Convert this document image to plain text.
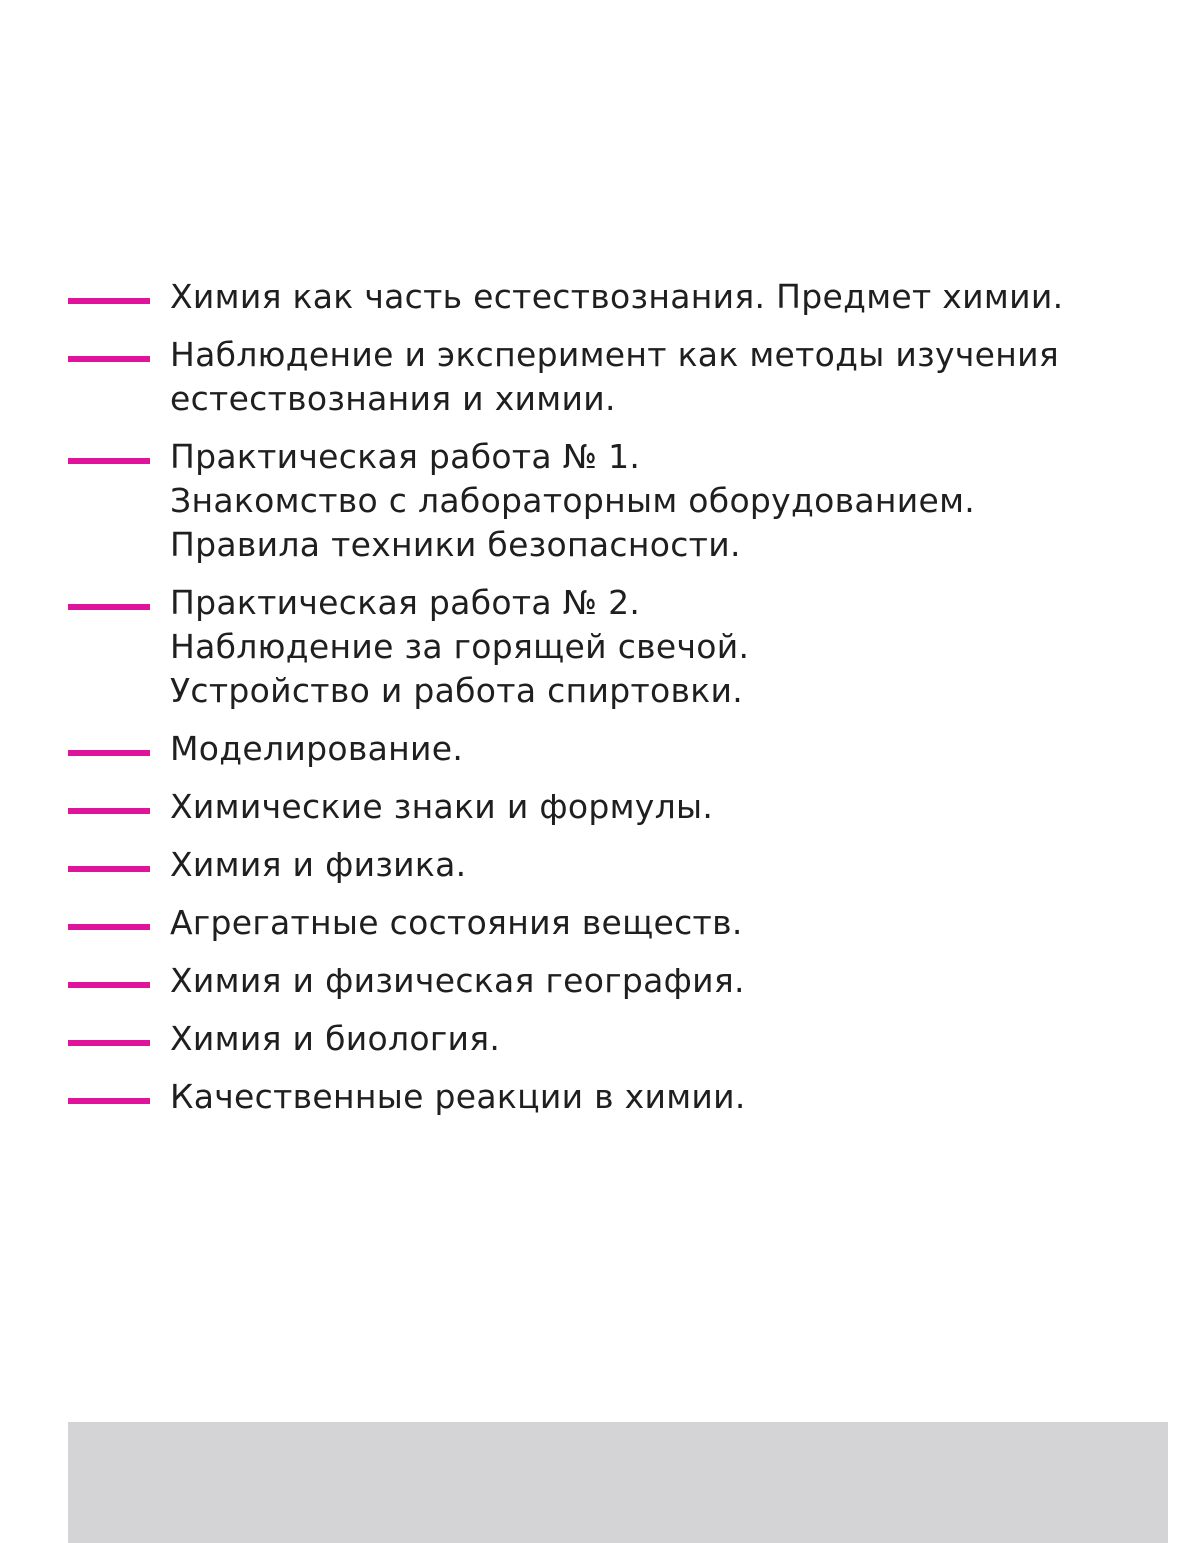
Химия как часть естествознания. Предмет химии.
Наблюдение и эксперимент как методы изучения
естествознания и химии.
Практическая работа № 1.
Знакомство с лабораторным оборудованием.
Правила техники безопасности.
Практическая работа № 2.
Наблюдение за горящей свечой.
Устройство и работа спиртовки.
Моделирование.
Химические знаки и формулы.
Химия и физика.
Агрегатные состояния веществ.
Химия и физическая география.
Химия и биология.
Качественные реакции в химии.
